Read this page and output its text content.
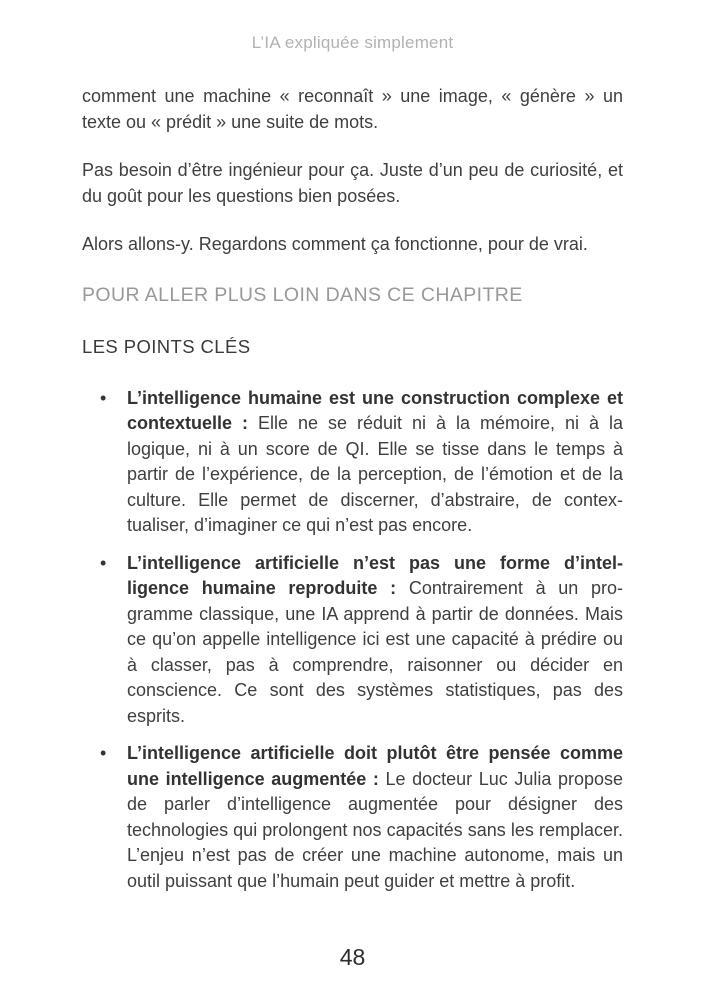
L’IA expliquée simplement

comment une machine « reconnaît » une image, « génère » un texte ou « prédit » une suite de mots.

Pas besoin d’être ingénieur pour ça. Juste d’un peu de curiosité, et du goût pour les questions bien posées.

Alors allons-y. Regardons comment ça fonctionne, pour de vrai.

POUR ALLER PLUS LOIN DANS CE CHAPITRE
LES POINTS CLÉS
• L’intelligence humaine est une construction complexe et contextuelle : Elle ne se réduit ni à la mémoire, ni à la logique, ni à un score de QI. Elle se tisse dans le temps à partir de l’expérience, de la perception, de l’émotion et de la culture. Elle permet de discerner, d’abstraire, de contextualiser, d’imaginer ce qui n’est pas encore.
• L’intelligence artificielle n’est pas une forme d’intelligence humaine reproduite : Contrairement à un programme classique, une IA apprend à partir de données. Mais ce qu’on appelle intelligence ici est une capacité à prédire ou à classer, pas à comprendre, raisonner ou décider en conscience. Ce sont des systèmes statistiques, pas des esprits.
• L’intelligence artificielle doit plutôt être pensée comme une intelligence augmentée : Le docteur Luc Julia propose de parler d’intelligence augmentée pour désigner des technologies qui prolongent nos capacités sans les remplacer. L’enjeu n’est pas de créer une machine autonome, mais un outil puissant que l’humain peut guider et mettre à profit.
48
